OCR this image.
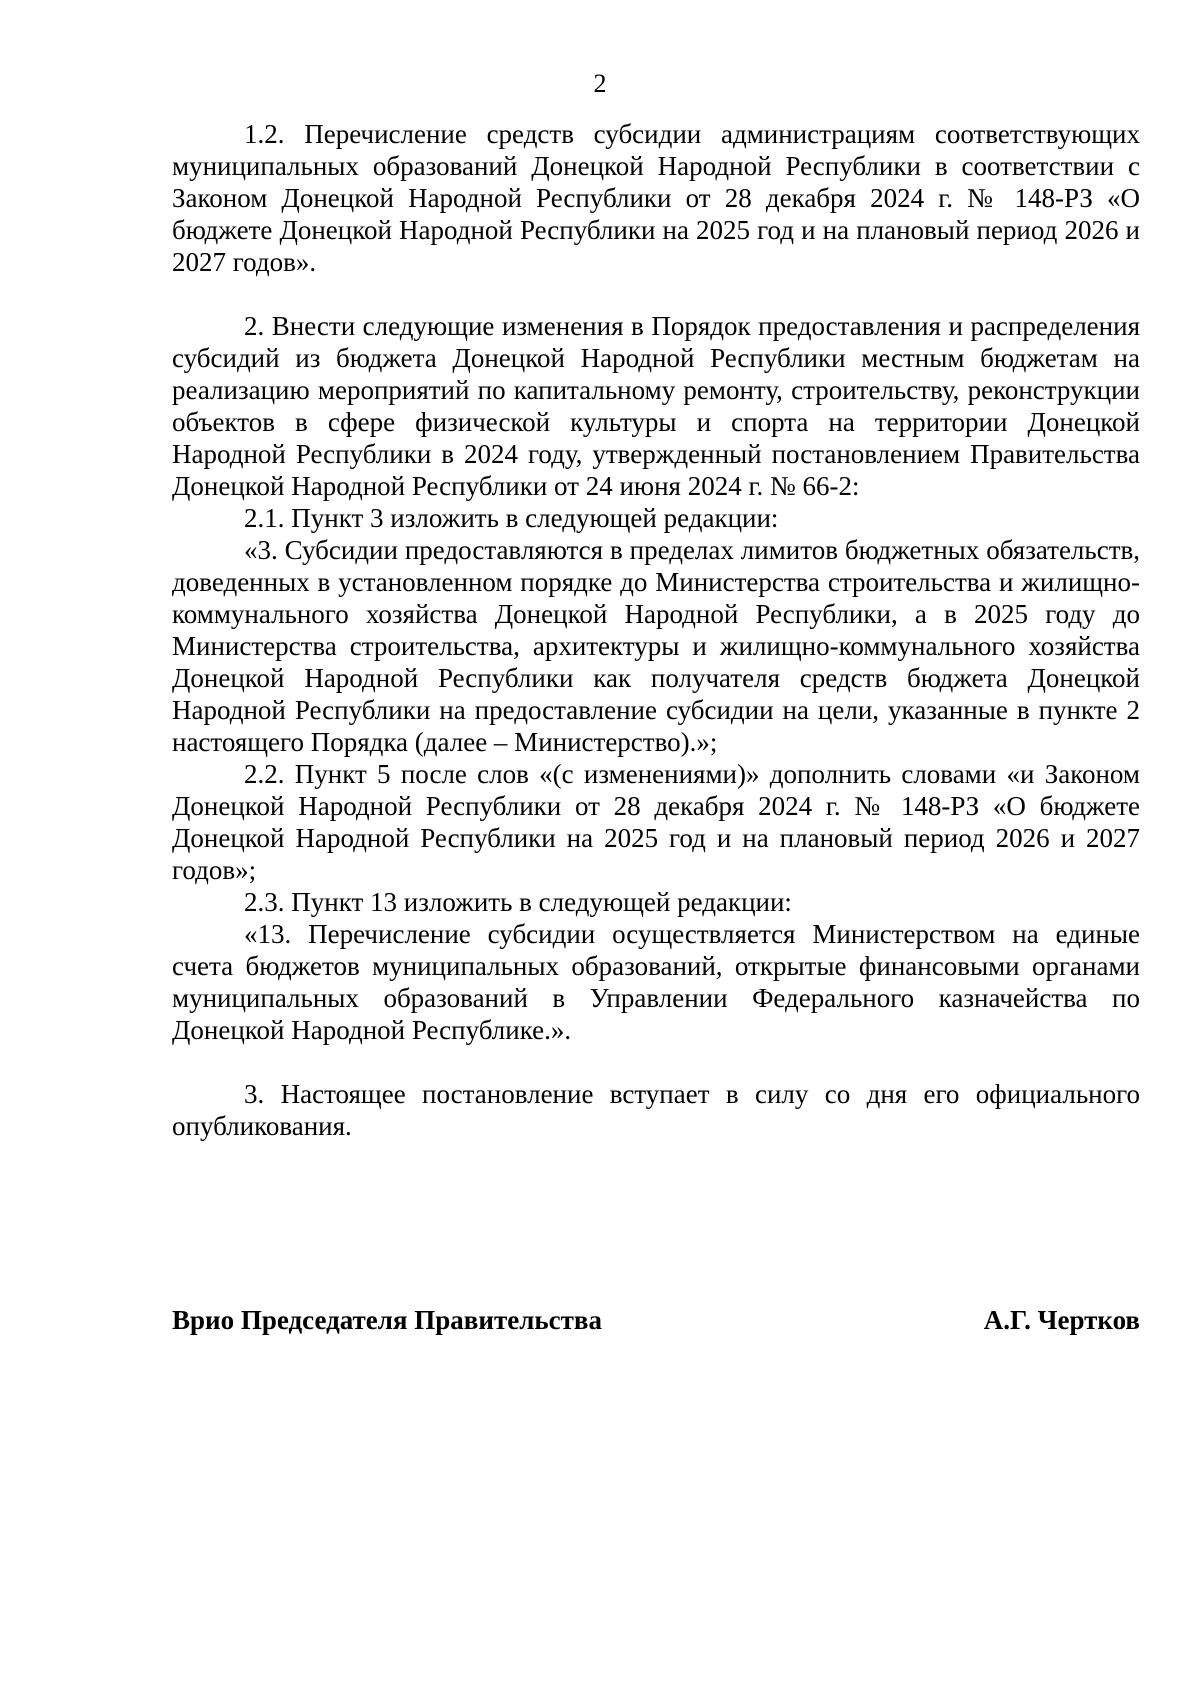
2

1.2. Перечисление средств субсидии администрациям соответствующих муниципальных образований Донецкой Народной Республики в соответствии с Законом Донецкой Народной Республики от 28 декабря 2024 г. № 148-РЗ «О бюджете Донецкой Народной Республики на 2025 год и на плановый период 2026 и 2027 годов».

2. Внести следующие изменения в Порядок предоставления и распределения субсидий из бюджета Донецкой Народной Республики местным бюджетам на реализацию мероприятий по капитальному ремонту, строительству, реконструкции объектов в сфере физической культуры и спорта на территории Донецкой Народной Республики в 2024 году, утвержденный постановлением Правительства Донецкой Народной Республики от 24 июня 2024 г. № 66-2:

2.1. Пункт 3 изложить в следующей редакции:

«3. Субсидии предоставляются в пределах лимитов бюджетных обязательств, доведенных в установленном порядке до Министерства строительства и жилищно-коммунального хозяйства Донецкой Народной Республики, а в 2025 году до Министерства строительства, архитектуры и жилищно-коммунального хозяйства Донецкой Народной Республики как получателя средств бюджета Донецкой Народной Республики на предоставление субсидии на цели, указанные в пункте 2 настоящего Порядка (далее – Министерство).»;

2.2. Пункт 5 после слов «(с изменениями)» дополнить словами «и Законом Донецкой Народной Республики от 28 декабря 2024 г. № 148-РЗ «О бюджете Донецкой Народной Республики на 2025 год и на плановый период 2026 и 2027 годов»;

2.3. Пункт 13 изложить в следующей редакции:

«13. Перечисление субсидии осуществляется Министерством на единые счета бюджетов муниципальных образований, открытые финансовыми органами муниципальных образований в Управлении Федерального казначейства по Донецкой Народной Республике.».

3. Настоящее постановление вступает в силу со дня его официального опубликования.

Врио Председателя Правительства	А.Г. Чертков
